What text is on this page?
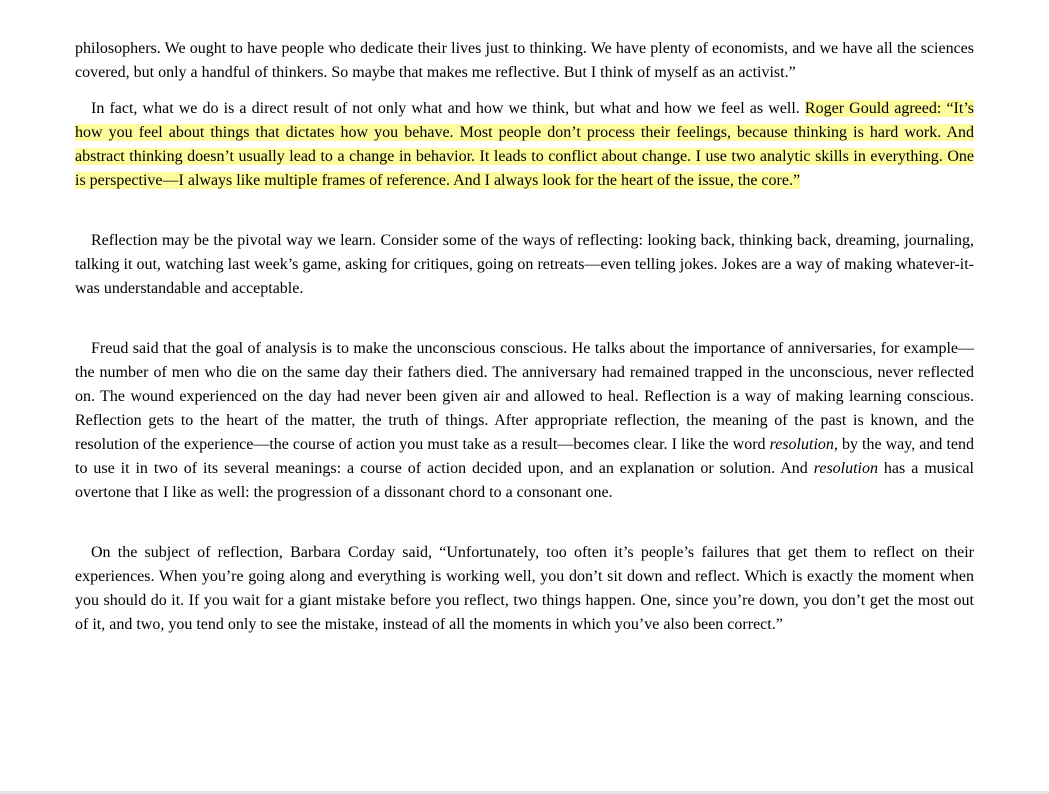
philosophers. We ought to have people who dedicate their lives just to thinking. We have plenty of economists, and we have all the sciences covered, but only a handful of thinkers. So maybe that makes me reflective. But I think of myself as an activist.”

In fact, what we do is a direct result of not only what and how we think, but what and how we feel as well. Roger Gould agreed: “It’s how you feel about things that dictates how you behave. Most people don’t process their feelings, because thinking is hard work. And abstract thinking doesn’t usually lead to a change in behavior. It leads to conflict about change. I use two analytic skills in everything. One is perspective—I always like multiple frames of reference. And I always look for the heart of the issue, the core.”

Reflection may be the pivotal way we learn. Consider some of the ways of reflecting: looking back, thinking back, dreaming, journaling, talking it out, watching last week’s game, asking for critiques, going on retreats—even telling jokes. Jokes are a way of making whatever-it-was understandable and acceptable.

Freud said that the goal of analysis is to make the unconscious conscious. He talks about the importance of anniversaries, for example—the number of men who die on the same day their fathers died. The anniversary had remained trapped in the unconscious, never reflected on. The wound experienced on the day had never been given air and allowed to heal. Reflection is a way of making learning conscious. Reflection gets to the heart of the matter, the truth of things. After appropriate reflection, the meaning of the past is known, and the resolution of the experience—the course of action you must take as a result—becomes clear. I like the word resolution, by the way, and tend to use it in two of its several meanings: a course of action decided upon, and an explanation or solution. And resolution has a musical overtone that I like as well: the progression of a dissonant chord to a consonant one.

On the subject of reflection, Barbara Corday said, “Unfortunately, too often it’s people’s failures that get them to reflect on their experiences. When you’re going along and everything is working well, you don’t sit down and reflect. Which is exactly the moment when you should do it. If you wait for a giant mistake before you reflect, two things happen. One, since you’re down, you don’t get the most out of it, and two, you tend only to see the mistake, instead of all the moments in which you’ve also been correct.”
